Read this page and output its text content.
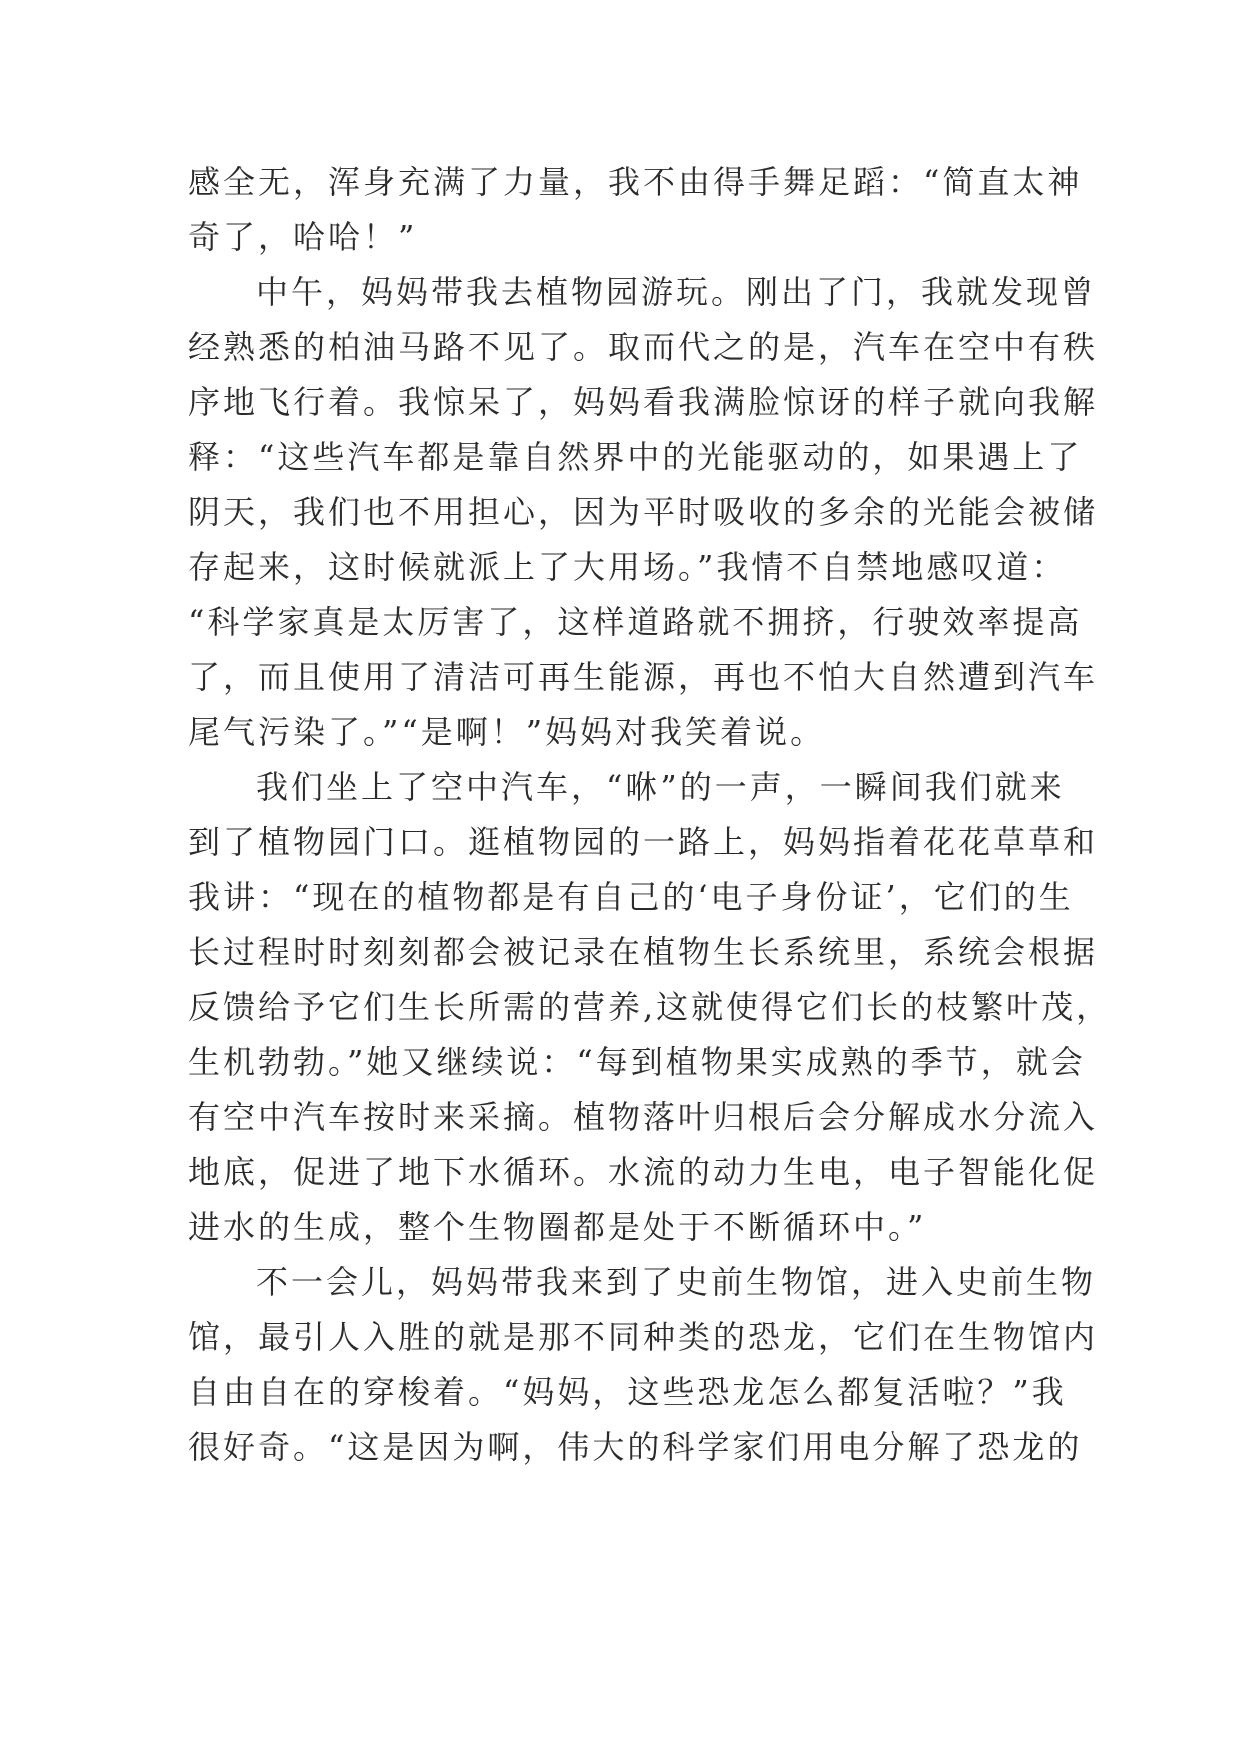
感全无，浑身充满了力量，我不由得手舞足蹈：“简直太神
奇了，哈哈！”
中午，妈妈带我去植物园游玩。刚出了门，我就发现曾
经熟悉的柏油马路不见了。取而代之的是，汽车在空中有秩
序地飞行着。我惊呆了，妈妈看我满脸惊讶的样子就向我解
释：“这些汽车都是靠自然界中的光能驱动的，如果遇上了
阴天，我们也不用担心，因为平时吸收的多余的光能会被储
存起来，这时候就派上了大用场。”我情不自禁地感叹道：
“科学家真是太厉害了，这样道路就不拥挤，行驶效率提高
了，而且使用了清洁可再生能源，再也不怕大自然遭到汽车
尾气污染了。”“是啊！”妈妈对我笑着说。
我们坐上了空中汽车，“咻”的一声，一瞬间我们就来
到了植物园门口。逛植物园的一路上，妈妈指着花花草草和
我讲：“现在的植物都是有自己的‘电子身份证’，它们的生
长过程时时刻刻都会被记录在植物生长系统里，系统会根据
反馈给予它们生长所需的营养,这就使得它们长的枝繁叶茂，
生机勃勃。”她又继续说：“每到植物果实成熟的季节，就会
有空中汽车按时来采摘。植物落叶归根后会分解成水分流入
地底，促进了地下水循环。水流的动力生电，电子智能化促
进水的生成，整个生物圈都是处于不断循环中。”
不一会儿，妈妈带我来到了史前生物馆，进入史前生物
馆，最引人入胜的就是那不同种类的恐龙，它们在生物馆内
自由自在的穿梭着。“妈妈，这些恐龙怎么都复活啦？”我
很好奇。“这是因为啊，伟大的科学家们用电分解了恐龙的
